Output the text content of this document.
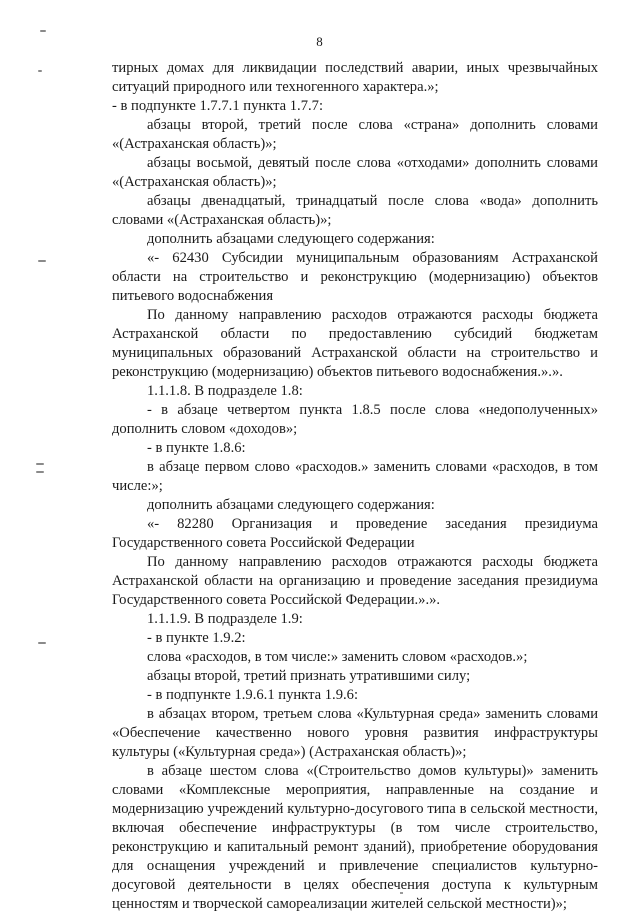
8

тирных домах для ликвидации последствий аварии, иных чрезвычайных ситуаций природного или техногенного характера.»;

- в подпункте 1.7.7.1 пункта 1.7.7:

абзацы второй, третий после слова «страна» дополнить словами «(Астраханская область)»;

абзацы восьмой, девятый после слова «отходами» дополнить словами «(Астраханская область)»;

абзацы двенадцатый, тринадцатый после слова «вода» дополнить словами «(Астраханская область)»;

дополнить абзацами следующего содержания:

«- 62430 Субсидии муниципальным образованиям Астраханской области на строительство и реконструкцию (модернизацию) объектов питьевого водоснабжения

По данному направлению расходов отражаются расходы бюджета Астраханской области по предоставлению субсидий бюджетам муниципальных образований Астраханской области на строительство и реконструкцию (модернизацию) объектов питьевого водоснабжения.».».

1.1.1.8. В подразделе 1.8:

- в абзаце четвертом пункта 1.8.5 после слова «недополученных» дополнить словом «доходов»;

- в пункте 1.8.6:

в абзаце первом слово «расходов.» заменить словами «расходов, в том числе:»;

дополнить абзацами следующего содержания:

«- 82280 Организация и проведение заседания президиума Государственного совета Российской Федерации

По данному направлению расходов отражаются расходы бюджета Астраханской области на организацию и проведение заседания президиума Государственного совета Российской Федерации.».».

1.1.1.9. В подразделе 1.9:

- в пункте 1.9.2:

слова «расходов, в том числе:» заменить словом «расходов.»;

абзацы второй, третий признать утратившими силу;

- в подпункте 1.9.6.1 пункта 1.9.6:

в абзацах втором, третьем слова «Культурная среда» заменить словами «Обеспечение качественно нового уровня развития инфраструктуры культуры («Культурная среда») (Астраханская область)»;

в абзаце шестом слова «(Строительство домов культуры)» заменить словами «Комплексные мероприятия, направленные на создание и модернизацию учреждений культурно-досугового типа в сельской местности, включая обеспечение инфраструктуры (в том числе строительство, реконструкцию и капитальный ремонт зданий), приобретение оборудования для оснащения учреждений и привлечение специалистов культурно-досуговой деятельности в целях обеспечения доступа к культурным ценностям и творческой самореализации жителей сельской местности)»;
